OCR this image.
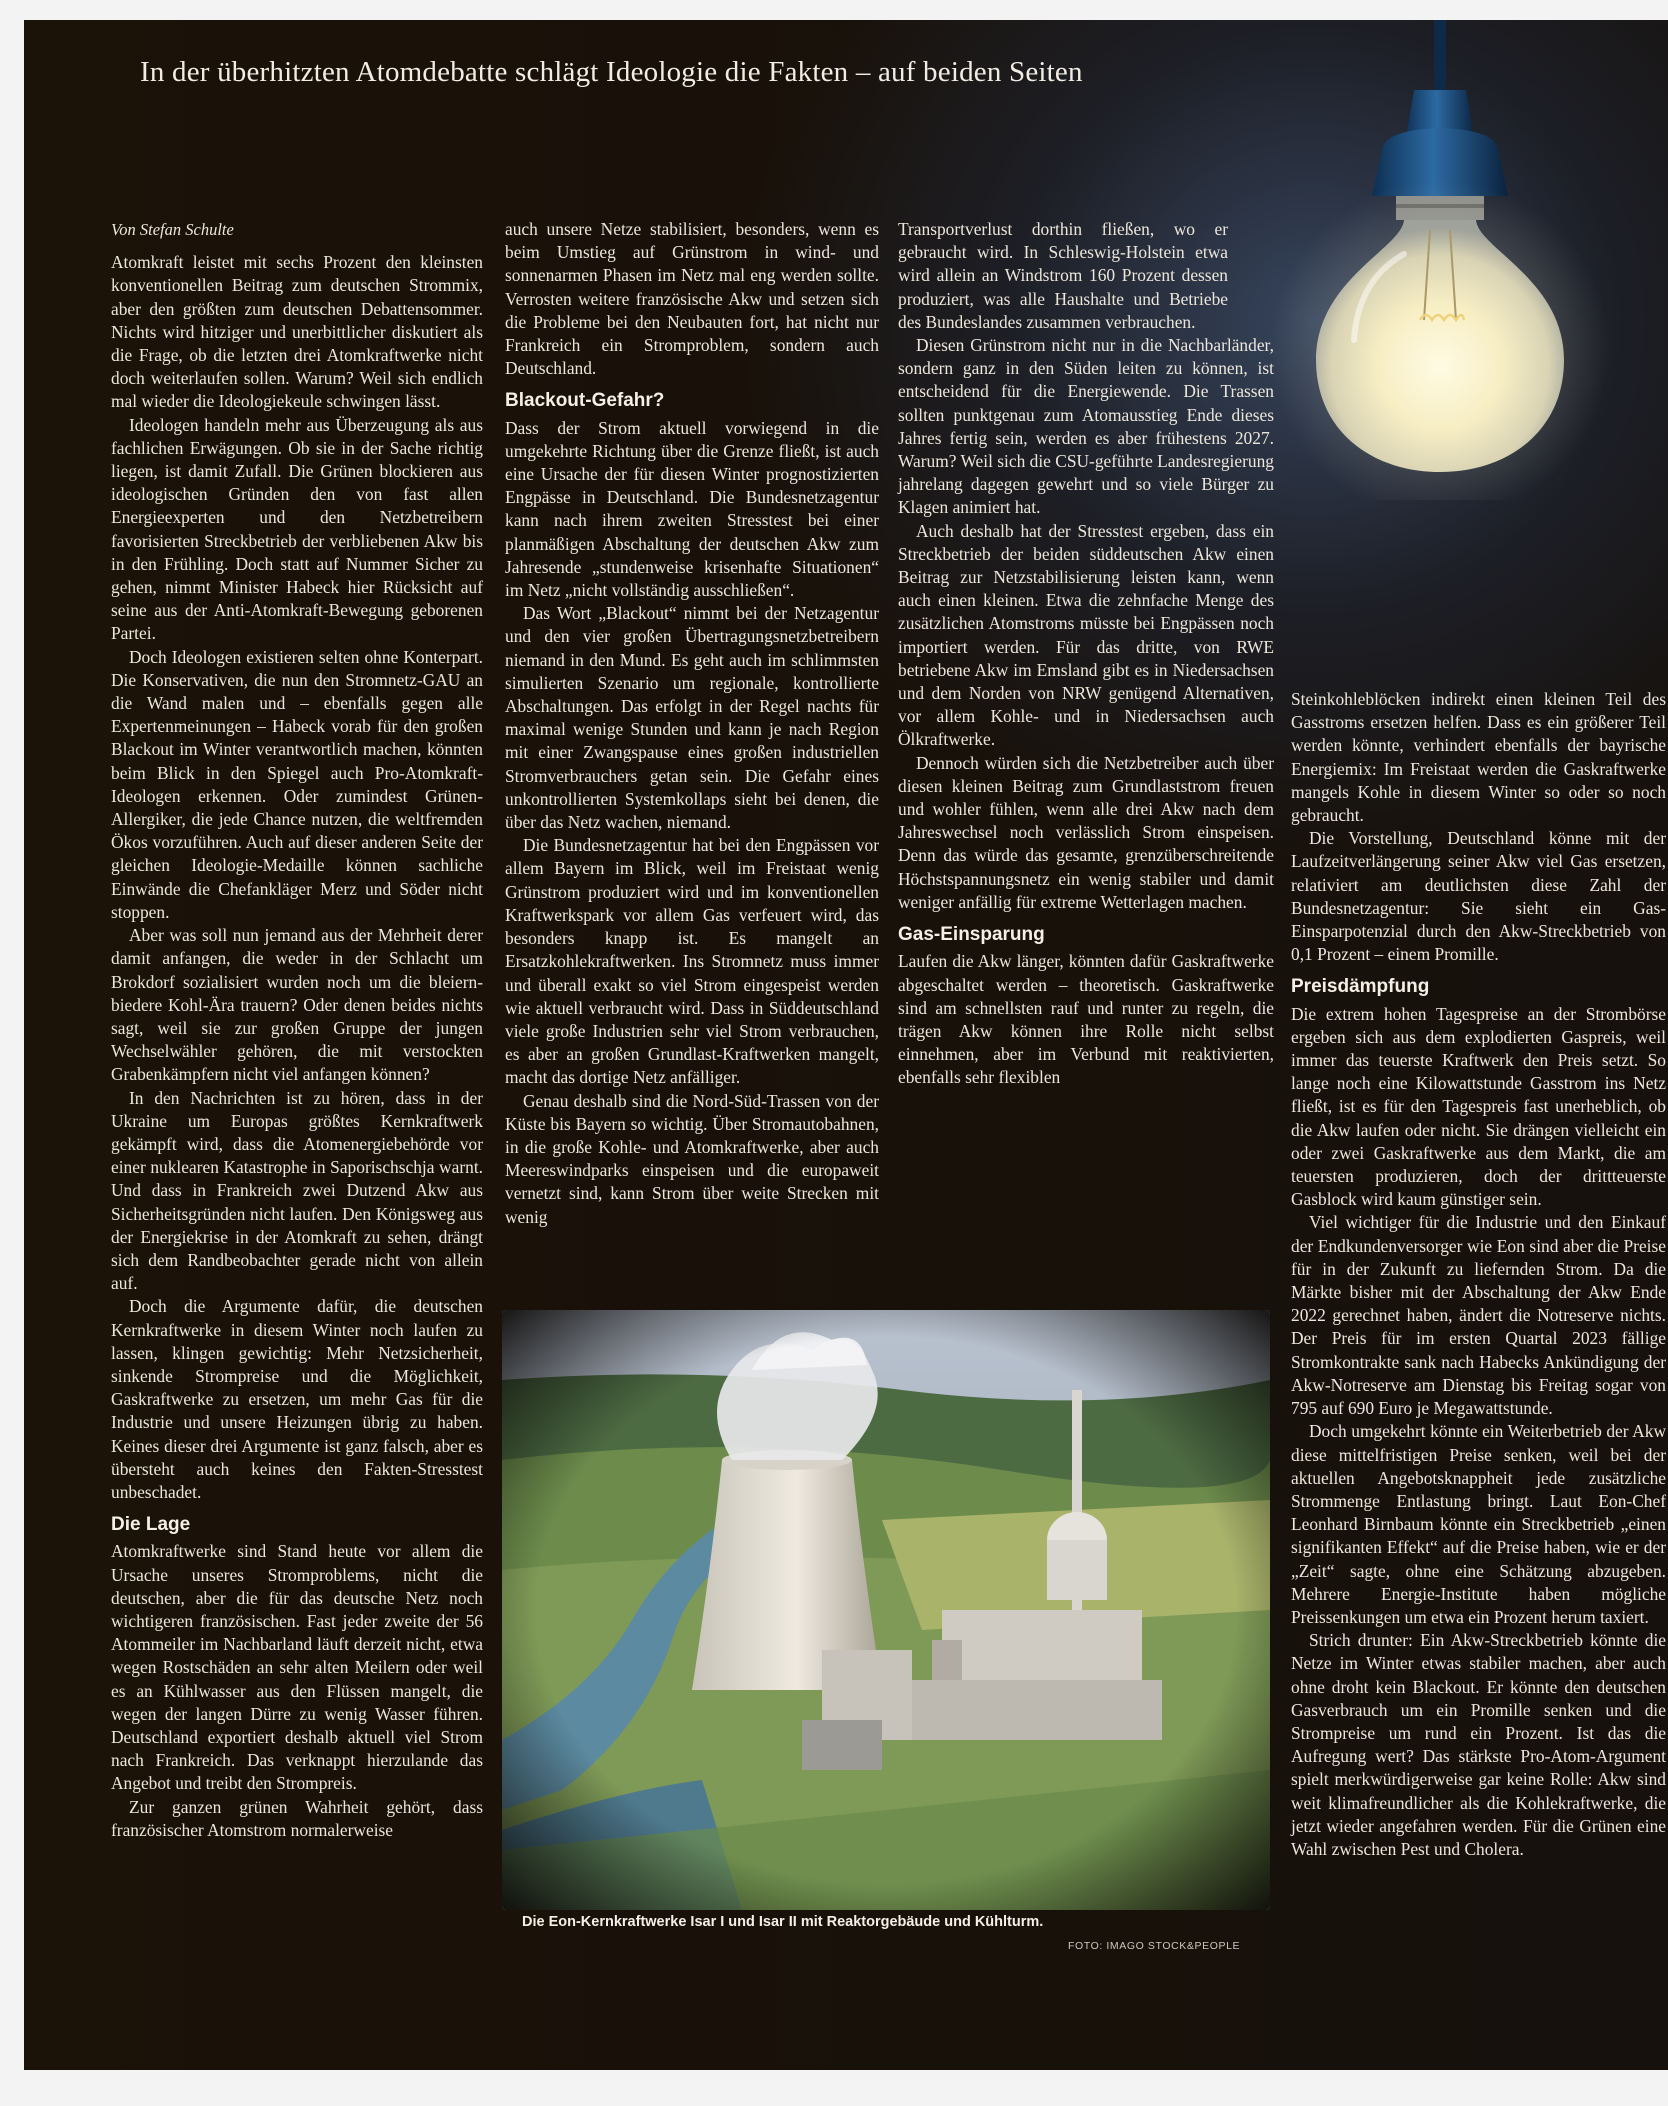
In der überhitzten Atomdebatte schlägt Ideologie die Fakten – auf beiden Seiten

Von Stefan Schulte

Atomkraft leistet mit sechs Prozent den kleinsten konventionellen Beitrag zum deutschen Strommix, aber den größten zum deutschen Debattensommer. Nichts wird hitziger und unerbittlicher diskutiert als die Frage, ob die letzten drei Atomkraftwerke nicht doch weiterlaufen sollen. Warum? Weil sich endlich mal wieder die Ideologiekeule schwingen lässt.

Ideologen handeln mehr aus Überzeugung als aus fachlichen Erwägungen. Ob sie in der Sache richtig liegen, ist damit Zufall. Die Grünen blockieren aus ideologischen Gründen den von fast allen Energieexperten und den Netzbetreibern favorisierten Streckbetrieb der verbliebenen Akw bis in den Frühling. Doch statt auf Nummer Sicher zu gehen, nimmt Minister Habeck hier Rücksicht auf seine aus der Anti-Atomkraft-Bewegung geborenen Partei.

Doch Ideologen existieren selten ohne Konterpart. Die Konservativen, die nun den Stromnetz-GAU an die Wand malen und – ebenfalls gegen alle Expertenmeinungen – Habeck vorab für den großen Blackout im Winter verantwortlich machen, könnten beim Blick in den Spiegel auch Pro-Atomkraft-Ideologen erkennen. Oder zumindest Grünen-Allergiker, die jede Chance nutzen, die weltfremden Ökos vorzuführen. Auch auf dieser anderen Seite der gleichen Ideologie-Medaille können sachliche Einwände die Chefankläger Merz und Söder nicht stoppen.

Aber was soll nun jemand aus der Mehrheit derer damit anfangen, die weder in der Schlacht um Brokdorf sozialisiert wurden noch um die bleiern-biedere Kohl-Ära trauern? Oder denen beides nichts sagt, weil sie zur großen Gruppe der jungen Wechselwähler gehören, die mit verstockten Grabenkämpfern nicht viel anfangen können?

In den Nachrichten ist zu hören, dass in der Ukraine um Europas größtes Kernkraftwerk gekämpft wird, dass die Atomenergiebehörde vor einer nuklearen Katastrophe in Saporischschja warnt. Und dass in Frankreich zwei Dutzend Akw aus Sicherheitsgründen nicht laufen. Den Königsweg aus der Energiekrise in der Atomkraft zu sehen, drängt sich dem Randbeobachter gerade nicht von allein auf.

Doch die Argumente dafür, die deutschen Kernkraftwerke in diesem Winter noch laufen zu lassen, klingen gewichtig: Mehr Netzsicherheit, sinkende Strompreise und die Möglichkeit, Gaskraftwerke zu ersetzen, um mehr Gas für die Industrie und unsere Heizungen übrig zu haben. Keines dieser drei Argumente ist ganz falsch, aber es übersteht auch keines den Fakten-Stresstest unbeschadet.

Die Lage

Atomkraftwerke sind Stand heute vor allem die Ursache unseres Stromproblems, nicht die deutschen, aber die für das deutsche Netz noch wichtigeren französischen. Fast jeder zweite der 56 Atommeiler im Nachbarland läuft derzeit nicht, etwa wegen Rostschäden an sehr alten Meilern oder weil es an Kühlwasser aus den Flüssen mangelt, die wegen der langen Dürre zu wenig Wasser führen. Deutschland exportiert deshalb aktuell viel Strom nach Frankreich. Das verknappt hierzulande das Angebot und treibt den Strompreis.

Zur ganzen grünen Wahrheit gehört, dass französischer Atomstrom normalerweise

auch unsere Netze stabilisiert, besonders, wenn es beim Umstieg auf Grünstrom in wind- und sonnenarmen Phasen im Netz mal eng werden sollte. Verrosten weitere französische Akw und setzen sich die Probleme bei den Neubauten fort, hat nicht nur Frankreich ein Stromproblem, sondern auch Deutschland.

Blackout-Gefahr?

Dass der Strom aktuell vorwiegend in die umgekehrte Richtung über die Grenze fließt, ist auch eine Ursache der für diesen Winter prognostizierten Engpässe in Deutschland. Die Bundesnetzagentur kann nach ihrem zweiten Stresstest bei einer planmäßigen Abschaltung der deutschen Akw zum Jahresende „stundenweise krisenhafte Situationen“ im Netz „nicht vollständig ausschließen“.

Das Wort „Blackout“ nimmt bei der Netzagentur und den vier großen Übertragungsnetzbetreibern niemand in den Mund. Es geht auch im schlimmsten simulierten Szenario um regionale, kontrollierte Abschaltungen. Das erfolgt in der Regel nachts für maximal wenige Stunden und kann je nach Region mit einer Zwangspause eines großen industriellen Stromverbrauchers getan sein. Die Gefahr eines unkontrollierten Systemkollaps sieht bei denen, die über das Netz wachen, niemand.

Die Bundesnetzagentur hat bei den Engpässen vor allem Bayern im Blick, weil im Freistaat wenig Grünstrom produziert wird und im konventionellen Kraftwerkspark vor allem Gas verfeuert wird, das besonders knapp ist. Es mangelt an Ersatzkohlekraftwerken. Ins Stromnetz muss immer und überall exakt so viel Strom eingespeist werden wie aktuell verbraucht wird. Dass in Süddeutschland viele große Industrien sehr viel Strom verbrauchen, es aber an großen Grundlast-Kraftwerken mangelt, macht das dortige Netz anfälliger.

Genau deshalb sind die Nord-Süd-Trassen von der Küste bis Bayern so wichtig. Über Stromautobahnen, in die große Kohle- und Atomkraftwerke, aber auch Meereswindparks einspeisen und die europaweit vernetzt sind, kann Strom über weite Strecken mit wenig

Transportverlust dorthin fließen, wo er gebraucht wird. In Schleswig-Holstein etwa wird allein an Windstrom 160 Prozent dessen produziert, was alle Haushalte und Betriebe des Bundeslandes zusammen verbrauchen.

Diesen Grünstrom nicht nur in die Nachbarländer, sondern ganz in den Süden leiten zu können, ist entscheidend für die Energiewende. Die Trassen sollten punktgenau zum Atomausstieg Ende dieses Jahres fertig sein, werden es aber frühestens 2027. Warum? Weil sich die CSU-geführte Landesregierung jahrelang dagegen gewehrt und so viele Bürger zu Klagen animiert hat.

Auch deshalb hat der Stresstest ergeben, dass ein Streckbetrieb der beiden süddeutschen Akw einen Beitrag zur Netzstabilisierung leisten kann, wenn auch einen kleinen. Etwa die zehnfache Menge des zusätzlichen Atomstroms müsste bei Engpässen noch importiert werden. Für das dritte, von RWE betriebene Akw im Emsland gibt es in Niedersachsen und dem Norden von NRW genügend Alternativen, vor allem Kohle- und in Niedersachsen auch Ölkraftwerke.

Dennoch würden sich die Netzbetreiber auch über diesen kleinen Beitrag zum Grundlaststrom freuen und wohler fühlen, wenn alle drei Akw nach dem Jahreswechsel noch verlässlich Strom einspeisen. Denn das würde das gesamte, grenzüberschreitende Höchstspannungsnetz ein wenig stabiler und damit weniger anfällig für extreme Wetterlagen machen.

Gas-Einsparung

Laufen die Akw länger, könnten dafür Gaskraftwerke abgeschaltet werden – theoretisch. Gaskraftwerke sind am schnellsten rauf und runter zu regeln, die trägen Akw können ihre Rolle nicht selbst einnehmen, aber im Verbund mit reaktivierten, ebenfalls sehr flexiblen

Steinkohleblöcken indirekt einen kleinen Teil des Gasstroms ersetzen helfen. Dass es ein größerer Teil werden könnte, verhindert ebenfalls der bayrische Energiemix: Im Freistaat werden die Gaskraftwerke mangels Kohle in diesem Winter so oder so noch gebraucht.

Die Vorstellung, Deutschland könne mit der Laufzeitverlängerung seiner Akw viel Gas ersetzen, relativiert am deutlichsten diese Zahl der Bundesnetzagentur: Sie sieht ein Gas-Einsparpotenzial durch den Akw-Streckbetrieb von 0,1 Prozent – einem Promille.

Preisdämpfung

Die extrem hohen Tagespreise an der Strombörse ergeben sich aus dem explodierten Gaspreis, weil immer das teuerste Kraftwerk den Preis setzt. So lange noch eine Kilowattstunde Gasstrom ins Netz fließt, ist es für den Tagespreis fast unerheblich, ob die Akw laufen oder nicht. Sie drängen vielleicht ein oder zwei Gaskraftwerke aus dem Markt, die am teuersten produzieren, doch der drittteuerste Gasblock wird kaum günstiger sein.

Viel wichtiger für die Industrie und den Einkauf der Endkundenversorger wie Eon sind aber die Preise für in der Zukunft zu liefernden Strom. Da die Märkte bisher mit der Abschaltung der Akw Ende 2022 gerechnet haben, ändert die Notreserve nichts. Der Preis für im ersten Quartal 2023 fällige Stromkontrakte sank nach Habecks Ankündigung der Akw-Notreserve am Dienstag bis Freitag sogar von 795 auf 690 Euro je Megawattstunde.

Doch umgekehrt könnte ein Weiterbetrieb der Akw diese mittelfristigen Preise senken, weil bei der aktuellen Angebotsknappheit jede zusätzliche Strommenge Entlastung bringt. Laut Eon-Chef Leonhard Birnbaum könnte ein Streckbetrieb „einen signifikanten Effekt“ auf die Preise haben, wie er der „Zeit“ sagte, ohne eine Schätzung abzugeben. Mehrere Energie-Institute haben mögliche Preissenkungen um etwa ein Prozent herum taxiert.

Strich drunter: Ein Akw-Streckbetrieb könnte die Netze im Winter etwas stabiler machen, aber auch ohne droht kein Blackout. Er könnte den deutschen Gasverbrauch um ein Promille senken und die Strompreise um rund ein Prozent. Ist das die Aufregung wert? Das stärkste Pro-Atom-Argument spielt merkwürdigerweise gar keine Rolle: Akw sind weit klimafreundlicher als die Kohlekraftwerke, die jetzt wieder angefahren werden. Für die Grünen eine Wahl zwischen Pest und Cholera.

Die Eon-Kernkraftwerke Isar I und Isar II mit Reaktorgebäude und Kühlturm.
FOTO: IMAGO STOCK&PEOPLE
